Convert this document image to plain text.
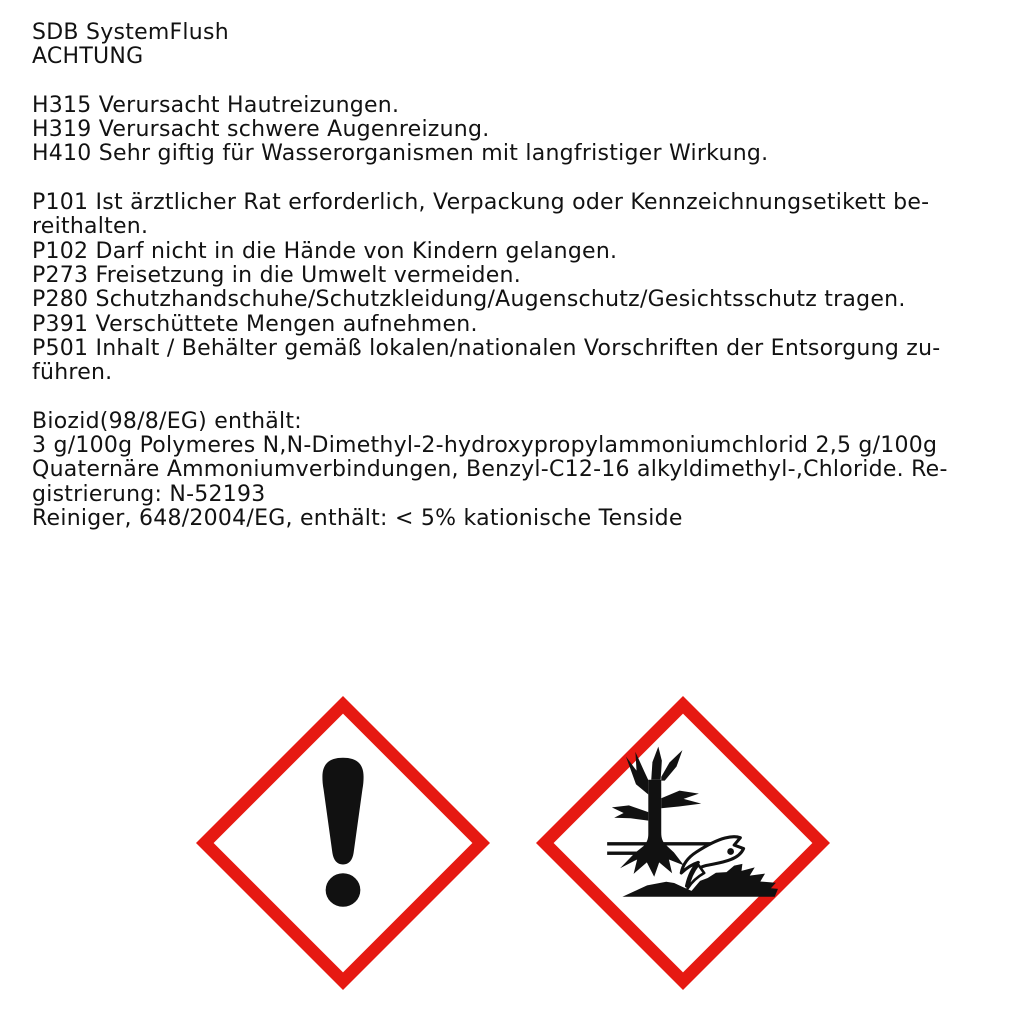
SDB SystemFlush
ACHTUNG
H315 Verursacht Hautreizungen.
H319 Verursacht schwere Augenreizung.
H410 Sehr giftig für Wasserorganismen mit langfristiger Wirkung.
P101 Ist ärztlicher Rat erforderlich, Verpackung oder Kennzeichnungsetikett be-
reithalten.
P102 Darf nicht in die Hände von Kindern gelangen.
P273 Freisetzung in die Umwelt vermeiden.
P280 Schutzhandschuhe/Schutzkleidung/Augenschutz/Gesichtsschutz tragen.
P391 Verschüttete Mengen aufnehmen.
P501 Inhalt / Behälter gemäß lokalen/nationalen Vorschriften der Entsorgung zu-
führen.
Biozid(98/8/EG) enthält:
3 g/100g Polymeres N,N-Dimethyl-2-hydroxypropylammoniumchlorid 2,5 g/100g
Quaternäre Ammoniumverbindungen, Benzyl-C12-16 alkyldimethyl-,Chloride. Re-
gistrierung: N-52193
Reiniger, 648/2004/EG, enthält: < 5% kationische Tenside
